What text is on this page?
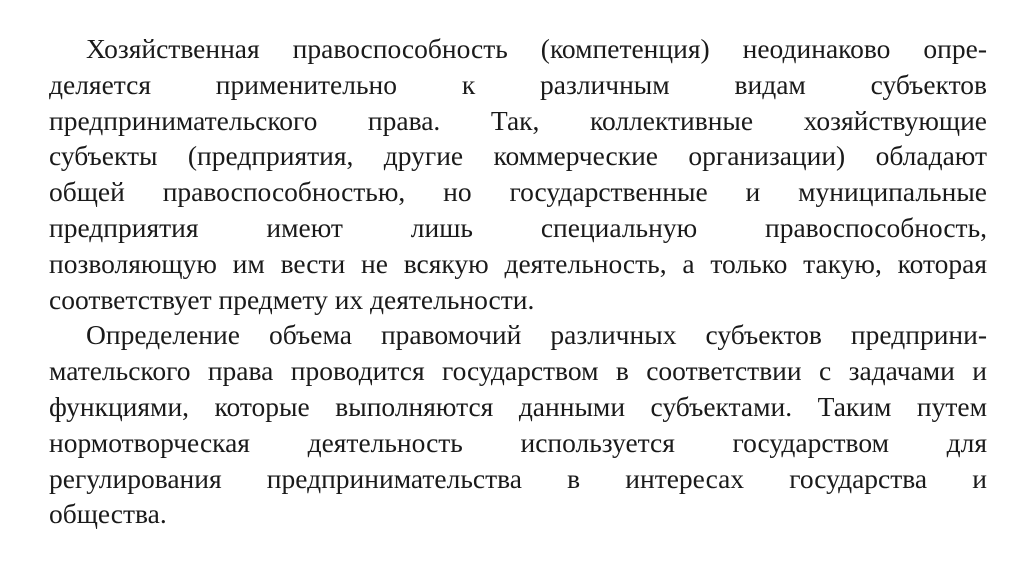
Хозяйственная правоспособность (компетенция) неодинаково опре-
деляется применительно к различным видам субъектов
предпринимательского права. Так, коллективные хозяйствующие
субъекты (предприятия, другие коммерческие организации) обладают
общей правоспособностью, но государственные и муниципальные
предприятия имеют лишь специальную правоспособность,
позволяющую им вести не всякую деятельность, а только такую, которая
соответствует предмету их деятельности.
Определение объема правомочий различных субъектов предприни-
мательского права проводится государством в соответствии с задачами и
функциями, которые выполняются данными субъектами. Таким путем
нормотворческая деятельность используется государством для
регулирования предпринимательства в интересах государства и
общества.
